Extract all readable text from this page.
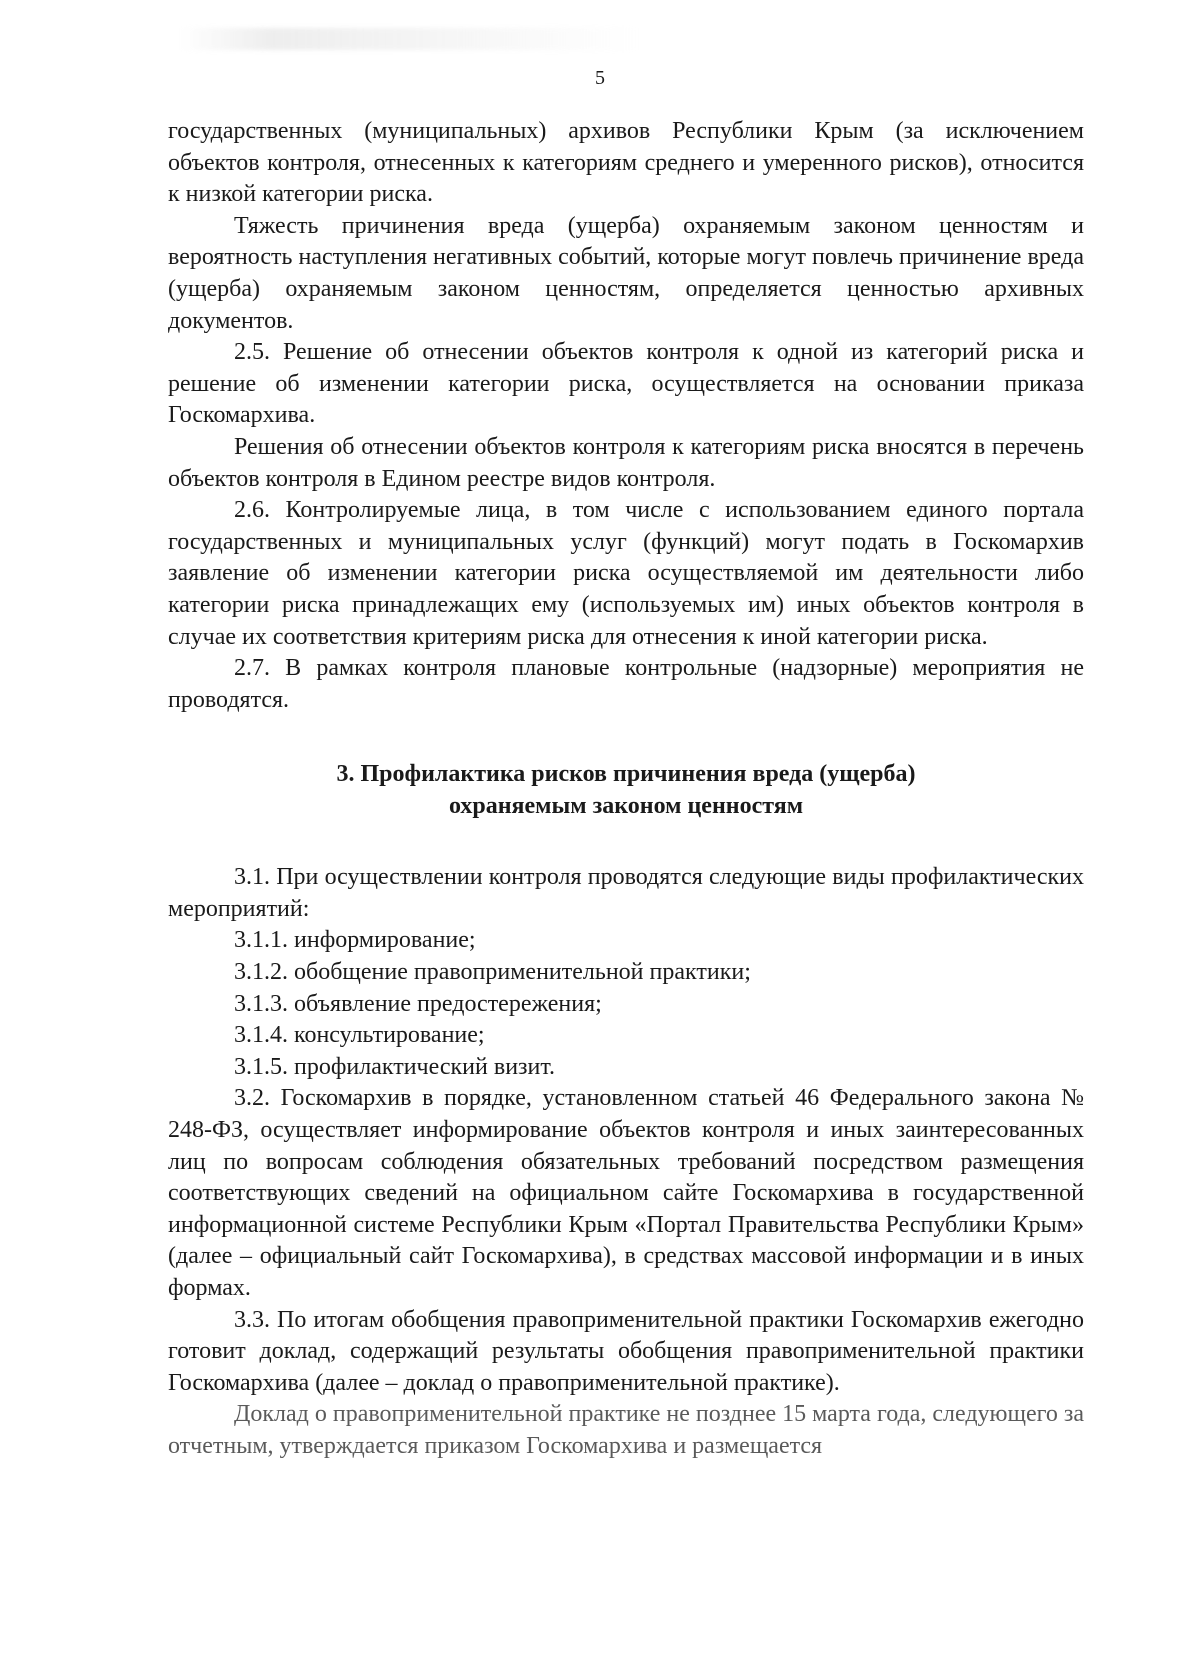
5

государственных (муниципальных) архивов Республики Крым (за исключением объектов контроля, отнесенных к категориям среднего и умеренного рисков), относится к низкой категории риска.

Тяжесть причинения вреда (ущерба) охраняемым законом ценностям и вероятность наступления негативных событий, которые могут повлечь причинение вреда (ущерба) охраняемым законом ценностям, определяется ценностью архивных документов.

2.5. Решение об отнесении объектов контроля к одной из категорий риска и решение об изменении категории риска, осуществляется на основании приказа Госкомархива.

Решения об отнесении объектов контроля к категориям риска вносятся в перечень объектов контроля в Едином реестре видов контроля.

2.6. Контролируемые лица, в том числе с использованием единого портала государственных и муниципальных услуг (функций) могут подать в Госкомархив заявление об изменении категории риска осуществляемой им деятельности либо категории риска принадлежащих ему (используемых им) иных объектов контроля в случае их соответствия критериям риска для отнесения к иной категории риска.

2.7. В рамках контроля плановые контрольные (надзорные) мероприятия не проводятся.

3. Профилактика рисков причинения вреда (ущерба)
охраняемым законом ценностям

3.1. При осуществлении контроля проводятся следующие виды профилактических мероприятий:

3.1.1. информирование;

3.1.2. обобщение правоприменительной практики;

3.1.3. объявление предостережения;

3.1.4. консультирование;

3.1.5. профилактический визит.

3.2. Госкомархив в порядке, установленном статьей 46 Федерального закона № 248-ФЗ, осуществляет информирование объектов контроля и иных заинтересованных лиц по вопросам соблюдения обязательных требований посредством размещения соответствующих сведений на официальном сайте Госкомархива в государственной информационной системе Республики Крым «Портал Правительства Республики Крым» (далее – официальный сайт Госкомархива), в средствах массовой информации и в иных формах.

3.3. По итогам обобщения правоприменительной практики Госкомархив ежегодно готовит доклад, содержащий результаты обобщения правоприменительной практики Госкомархива (далее – доклад о правоприменительной практике).

Доклад о правоприменительной практике не позднее 15 марта года, следующего за отчетным, утверждается приказом Госкомархива и размещается
